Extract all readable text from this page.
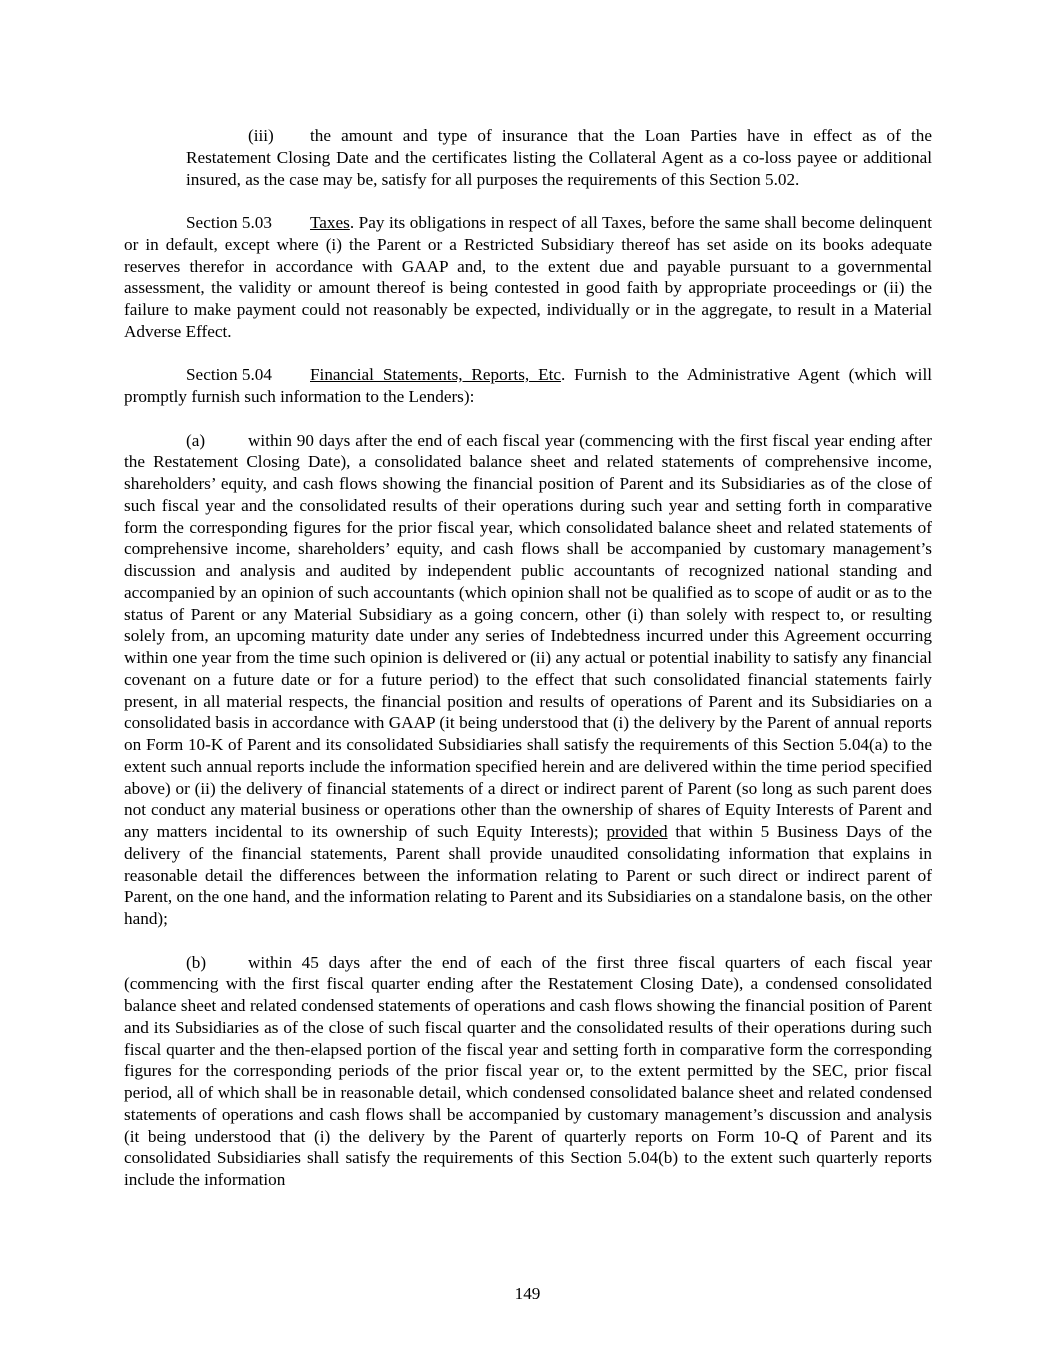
(iii) the amount and type of insurance that the Loan Parties have in effect as of the Restatement Closing Date and the certificates listing the Collateral Agent as a co-loss payee or additional insured, as the case may be, satisfy for all purposes the requirements of this Section 5.02.

Section 5.03 Taxes. Pay its obligations in respect of all Taxes, before the same shall become delinquent or in default, except where (i) the Parent or a Restricted Subsidiary thereof has set aside on its books adequate reserves therefor in accordance with GAAP and, to the extent due and payable pursuant to a governmental assessment, the validity or amount thereof is being contested in good faith by appropriate proceedings or (ii) the failure to make payment could not reasonably be expected, individually or in the aggregate, to result in a Material Adverse Effect.

Section 5.04 Financial Statements, Reports, Etc. Furnish to the Administrative Agent (which will promptly furnish such information to the Lenders):

(a) within 90 days after the end of each fiscal year (commencing with the first fiscal year ending after the Restatement Closing Date), a consolidated balance sheet and related statements of comprehensive income, shareholders’ equity, and cash flows showing the financial position of Parent and its Subsidiaries as of the close of such fiscal year and the consolidated results of their operations during such year and setting forth in comparative form the corresponding figures for the prior fiscal year, which consolidated balance sheet and related statements of comprehensive income, shareholders’ equity, and cash flows shall be accompanied by customary management’s discussion and analysis and audited by independent public accountants of recognized national standing and accompanied by an opinion of such accountants (which opinion shall not be qualified as to scope of audit or as to the status of Parent or any Material Subsidiary as a going concern, other (i) than solely with respect to, or resulting solely from, an upcoming maturity date under any series of Indebtedness incurred under this Agreement occurring within one year from the time such opinion is delivered or (ii) any actual or potential inability to satisfy any financial covenant on a future date or for a future period) to the effect that such consolidated financial statements fairly present, in all material respects, the financial position and results of operations of Parent and its Subsidiaries on a consolidated basis in accordance with GAAP (it being understood that (i) the delivery by the Parent of annual reports on Form 10-K of Parent and its consolidated Subsidiaries shall satisfy the requirements of this Section 5.04(a) to the extent such annual reports include the information specified herein and are delivered within the time period specified above) or (ii) the delivery of financial statements of a direct or indirect parent of Parent (so long as such parent does not conduct any material business or operations other than the ownership of shares of Equity Interests of Parent and any matters incidental to its ownership of such Equity Interests); provided that within 5 Business Days of the delivery of the financial statements, Parent shall provide unaudited consolidating information that explains in reasonable detail the differences between the information relating to Parent or such direct or indirect parent of Parent, on the one hand, and the information relating to Parent and its Subsidiaries on a standalone basis, on the other hand);

(b) within 45 days after the end of each of the first three fiscal quarters of each fiscal year (commencing with the first fiscal quarter ending after the Restatement Closing Date), a condensed consolidated balance sheet and related condensed statements of operations and cash flows showing the financial position of Parent and its Subsidiaries as of the close of such fiscal quarter and the consolidated results of their operations during such fiscal quarter and the then-elapsed portion of the fiscal year and setting forth in comparative form the corresponding figures for the corresponding periods of the prior fiscal year or, to the extent permitted by the SEC, prior fiscal period, all of which shall be in reasonable detail, which condensed consolidated balance sheet and related condensed statements of operations and cash flows shall be accompanied by customary management’s discussion and analysis (it being understood that (i) the delivery by the Parent of quarterly reports on Form 10-Q of Parent and its consolidated Subsidiaries shall satisfy the requirements of this Section 5.04(b) to the extent such quarterly reports include the information

149
